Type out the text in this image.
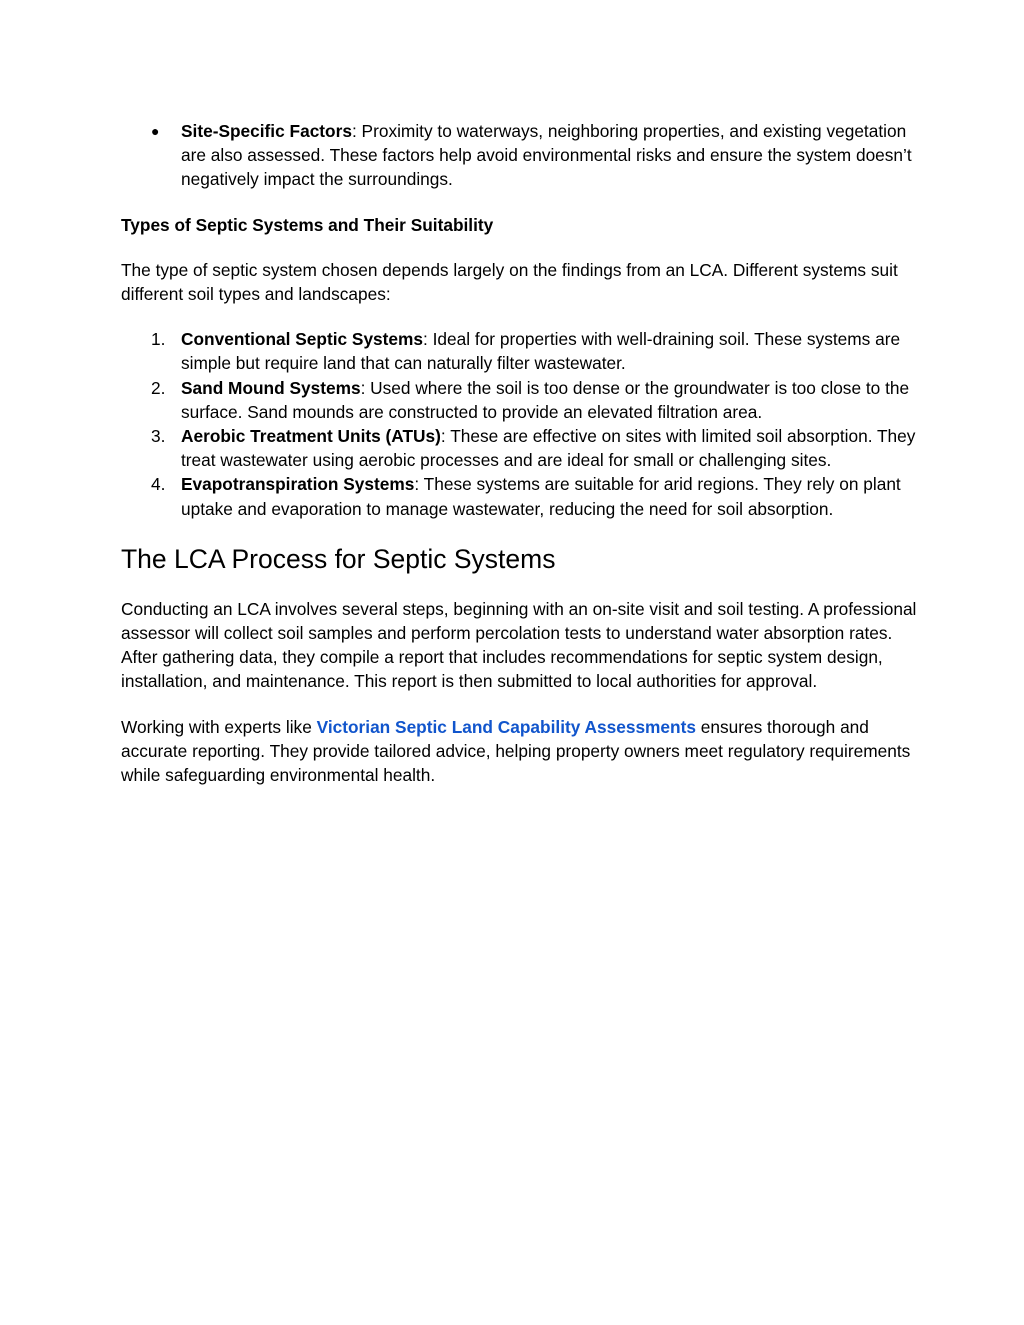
● Site-Specific Factors: Proximity to waterways, neighboring properties, and existing vegetation are also assessed. These factors help avoid environmental risks and ensure the system doesn’t negatively impact the surroundings.
Types of Septic Systems and Their Suitability

The type of septic system chosen depends largely on the findings from an LCA. Different systems suit different soil types and landscapes:

1. Conventional Septic Systems: Ideal for properties with well-draining soil. These systems are simple but require land that can naturally filter wastewater.
2. Sand Mound Systems: Used where the soil is too dense or the groundwater is too close to the surface. Sand mounds are constructed to provide an elevated filtration area.
3. Aerobic Treatment Units (ATUs): These are effective on sites with limited soil absorption. They treat wastewater using aerobic processes and are ideal for small or challenging sites.
4. Evapotranspiration Systems: These systems are suitable for arid regions. They rely on plant uptake and evaporation to manage wastewater, reducing the need for soil absorption.
The LCA Process for Septic Systems

Conducting an LCA involves several steps, beginning with an on-site visit and soil testing. A professional assessor will collect soil samples and perform percolation tests to understand water absorption rates. After gathering data, they compile a report that includes recommendations for septic system design, installation, and maintenance. This report is then submitted to local authorities for approval.

Working with experts like Victorian Septic Land Capability Assessments ensures thorough and accurate reporting. They provide tailored advice, helping property owners meet regulatory requirements while safeguarding environmental health.
